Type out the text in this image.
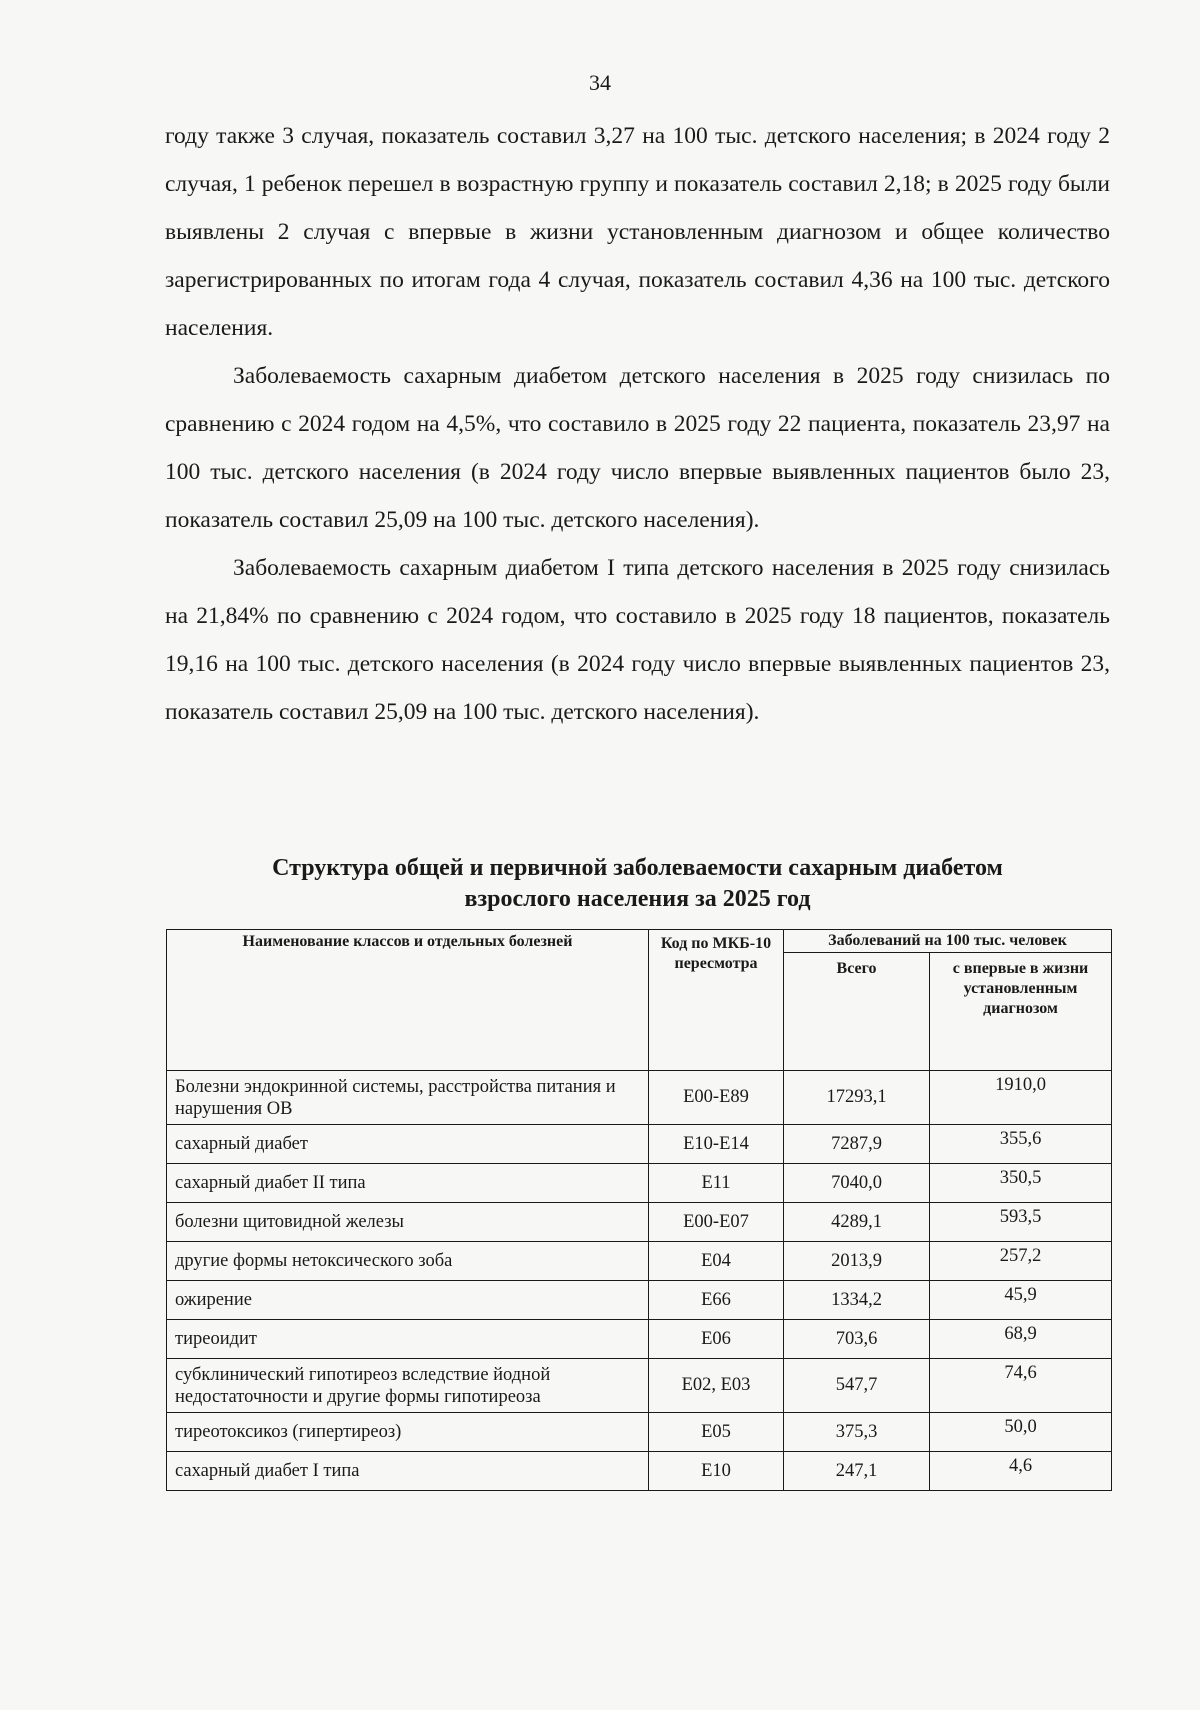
34

году также 3 случая, показатель составил 3,27 на 100 тыс. детского населения; в 2024 году 2 случая, 1 ребенок перешел в возрастную группу и показатель составил 2,18; в 2025 году были выявлены 2 случая с впервые в жизни установленным диагнозом и общее количество зарегистрированных по итогам года 4 случая, показатель составил 4,36 на 100 тыс. детского населения.

Заболеваемость сахарным диабетом детского населения в 2025 году снизилась по сравнению с 2024 годом на 4,5%, что составило в 2025 году 22 пациента, показатель 23,97 на 100 тыс. детского населения (в 2024 году число впервые выявленных пациентов было 23, показатель составил 25,09 на 100 тыс. детского населения).

Заболеваемость сахарным диабетом I типа детского населения в 2025 году снизилась на 21,84% по сравнению с 2024 годом, что составило в 2025 году 18 пациентов, показатель 19,16 на 100 тыс. детского населения (в 2024 году число впервые выявленных пациентов 23, показатель составил 25,09 на 100 тыс. детского населения).

Структура общей и первичной заболеваемости сахарным диабетом
взрослого населения за 2025 год
Наименование классов и отдельных болезней	Код по МКБ-10 пересмотра	Заболеваний на 100 тыс. человек	
		Всего	с впервые в жизни установленным диагнозом
Болезни эндокринной системы, расстройства питания и нарушения ОВ	E00-E89	17293,1	1910,0
сахарный диабет	E10-E14	7287,9	355,6
сахарный диабет II типа	E11	7040,0	350,5
болезни щитовидной железы	E00-E07	4289,1	593,5
другие формы нетоксического зоба	E04	2013,9	257,2
ожирение	E66	1334,2	45,9
тиреоидит	E06	703,6	68,9
субклинический гипотиреоз вследствие йодной недостаточности и другие формы гипотиреоза	E02, E03	547,7	74,6
тиреотоксикоз (гипертиреоз)	E05	375,3	50,0
сахарный диабет I типа	E10	247,1	4,6
